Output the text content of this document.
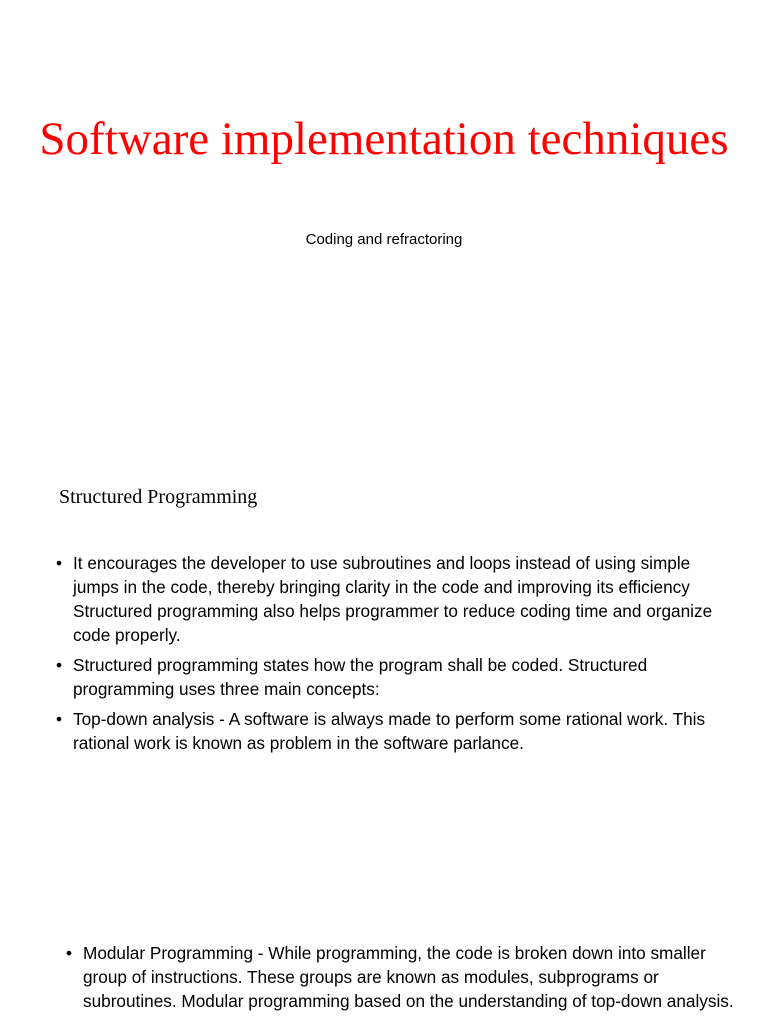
Software implementation techniques
Coding and refractoring
Structured Programming
• It encourages the developer to use subroutines and loops instead of using simple jumps in the code, thereby bringing clarity in the code and improving its efficiency Structured programming also helps programmer to reduce coding time and organize code properly.
• Structured programming states how the program shall be coded. Structured programming uses three main concepts:
• Top-down analysis - A software is always made to perform some rational work. This rational work is known as problem in the software parlance.
• Modular Programming - While programming, the code is broken down into smaller group of instructions. These groups are known as modules, subprograms or subroutines. Modular programming based on the understanding of top-down analysis.
